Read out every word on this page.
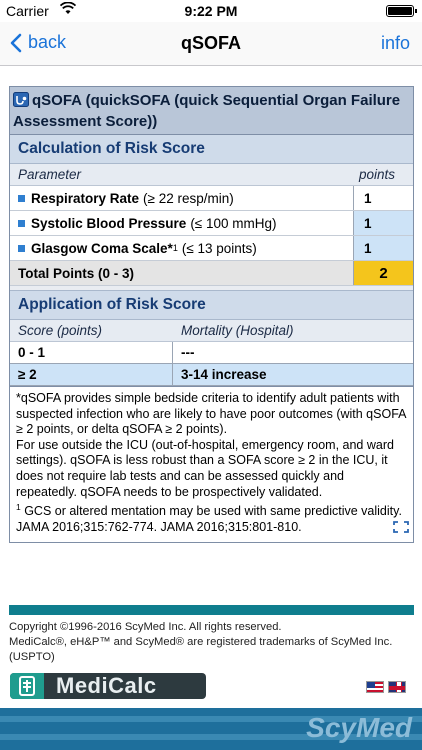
Carrier	9:22 PM
back	qSOFA	info
qSOFA (quickSOFA (quick Sequential Organ Failure Assessment Score))
Calculation of Risk Score
Parameter	points
Respiratory Rate (≥ 22 resp/min)	1
Systolic Blood Pressure (≤ 100 mmHg)	1
Glasgow Coma Scale* 1 (≤ 13 points)	1
Total Points (0 - 3)	2
Application of Risk Score
Score (points)	Mortality (Hospital)
0 - 1	---
≥ 2	3-14 increase
*qSOFA provides simple bedside criteria to identify adult patients with suspected infection who are likely to have poor outcomes (with qSOFA ≥ 2 points, or delta qSOFA ≥ 2 points).
For use outside the ICU (out-of-hospital, emergency room, and ward settings). qSOFA is less robust than a SOFA score ≥ 2 in the ICU, it does not require lab tests and can be assessed quickly and repeatedly. qSOFA needs to be prospectively validated.
$^1$ GCS or altered mentation may be used with same predictive validity. JAMA 2016;315:762-774. JAMA 2016;315:801-810.
Copyright ©1996-2016 ScyMed Inc. All rights reserved.
MediCalc®, eH&P™ and ScyMed® are registered trademarks of ScyMed Inc. (USPTO)
MediCalc
ScyMed
